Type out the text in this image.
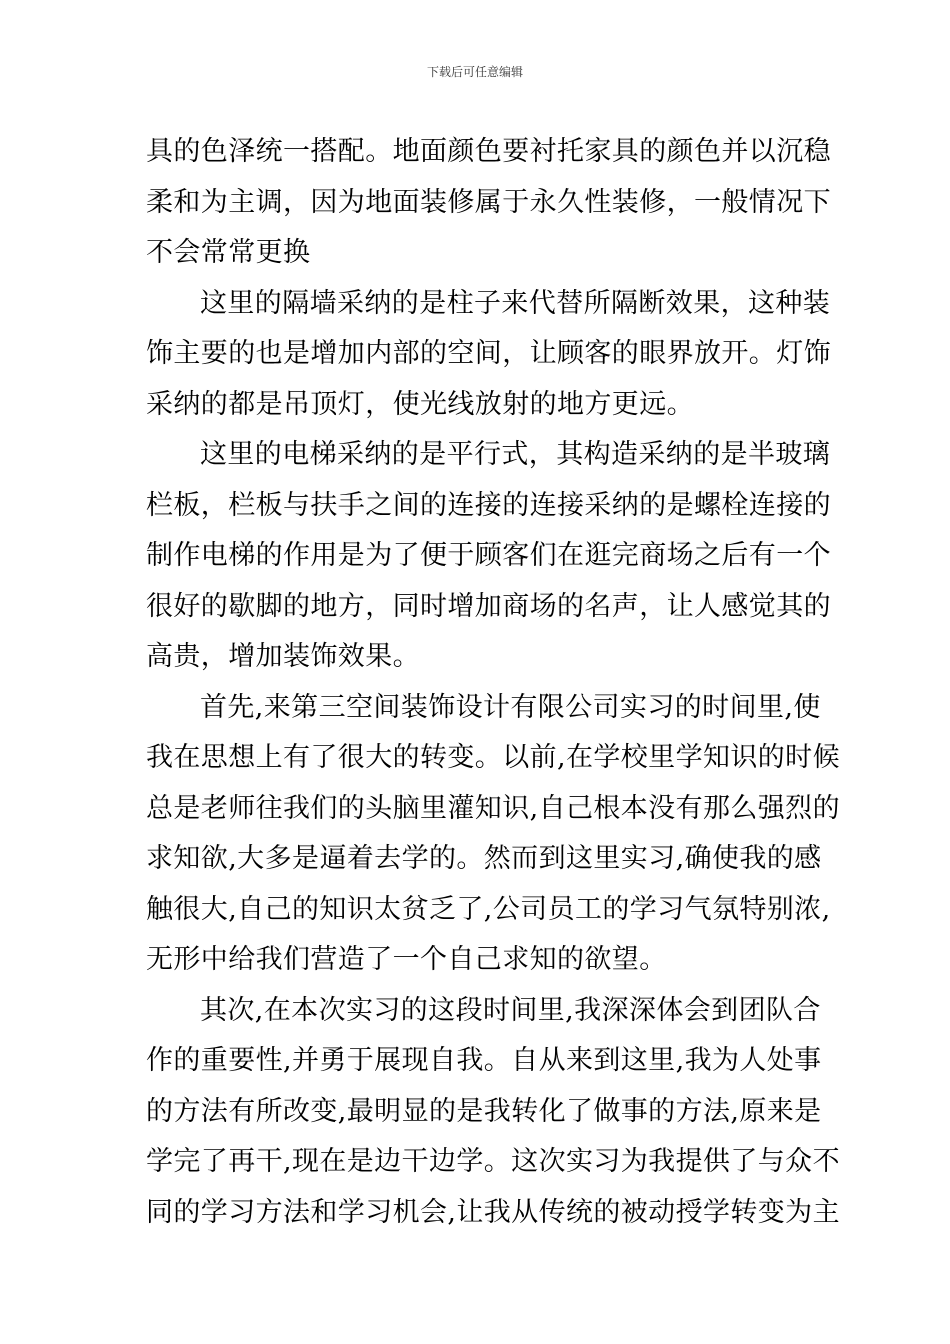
下载后可任意编辑
具的色泽统一搭配。地面颜色要衬托家具的颜色并以沉稳
柔和为主调，因为地面装修属于永久性装修，一般情况下
不会常常更换
这里的隔墙采纳的是柱子来代替所隔断效果，这种装
饰主要的也是增加内部的空间，让顾客的眼界放开。灯饰
采纳的都是吊顶灯，使光线放射的地方更远。
这里的电梯采纳的是平行式，其构造采纳的是半玻璃
栏板，栏板与扶手之间的连接的连接采纳的是螺栓连接的
制作电梯的作用是为了便于顾客们在逛完商场之后有一个
很好的歇脚的地方，同时增加商场的名声，让人感觉其的
高贵，增加装饰效果。
首先,来第三空间装饰设计有限公司实习的时间里,使
我在思想上有了很大的转变。以前,在学校里学知识的时候
总是老师往我们的头脑里灌知识,自己根本没有那么强烈的
求知欲,大多是逼着去学的。然而到这里实习,确使我的感
触很大,自己的知识太贫乏了,公司员工的学习气氛特别浓,
无形中给我们营造了一个自己求知的欲望。
其次,在本次实习的这段时间里,我深深体会到团队合
作的重要性,并勇于展现自我。自从来到这里,我为人处事
的方法有所改变,最明显的是我转化了做事的方法,原来是
学完了再干,现在是边干边学。这次实习为我提供了与众不
同的学习方法和学习机会,让我从传统的被动授学转变为主
